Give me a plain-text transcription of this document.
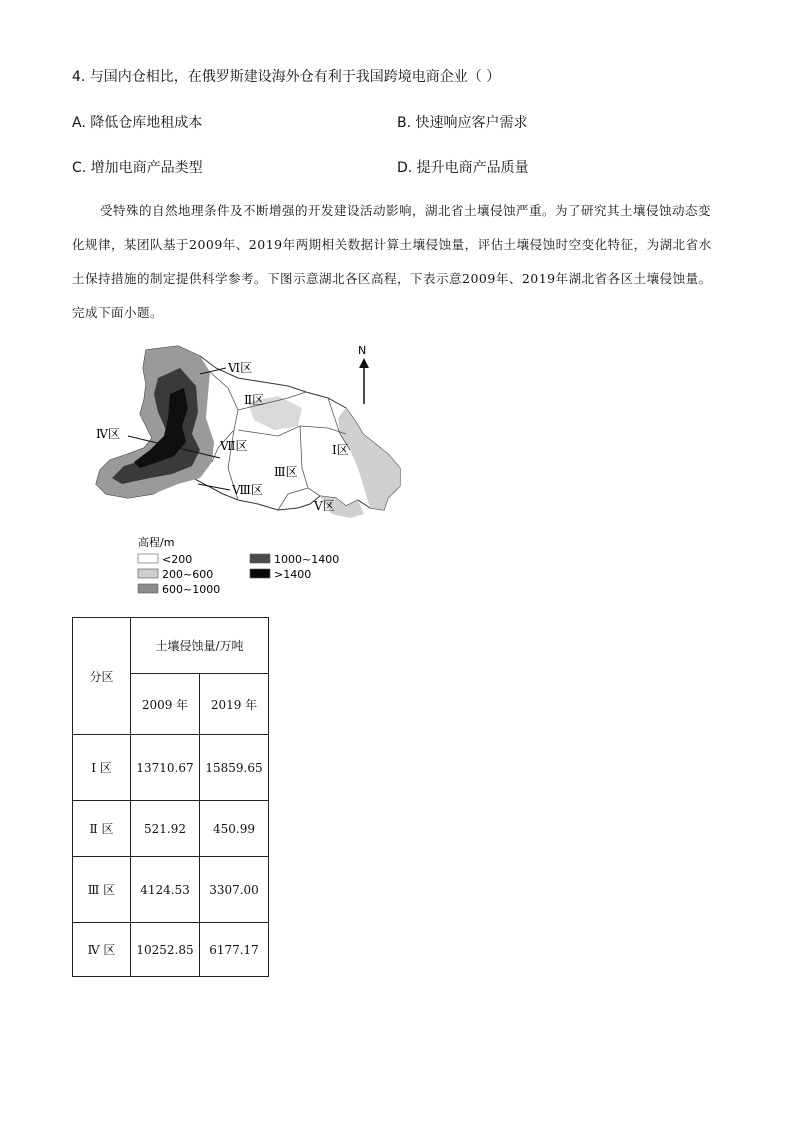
4. 与国内仓相比，在俄罗斯建设海外仓有利于我国跨境电商企业（ ）
A. 降低仓库地租成本	B. 快速响应客户需求
C. 增加电商产品类型	D. 提升电商产品质量
受特殊的自然地理条件及不断增强的开发建设活动影响，湖北省土壤侵蚀严重。为了研究其土壤侵蚀动态变化规律，某团队基于2009年、2019年两期相关数据计算土壤侵蚀量，评估土壤侵蚀时空变化特征，为湖北省水土保持措施的制定提供科学参考。下图示意湖北各区高程，下表示意2009年、2019年湖北省各区土壤侵蚀量。完成下面小题。
Ⅵ区
Ⅱ区
Ⅳ区
Ⅶ区	Ⅰ区
Ⅲ区
Ⅷ区
Ⅴ区
N
高程/m
<200
200~600
600~1000
1000~1400
>1400
分区	土壤侵蚀量/万吨	
	2009 年	2019 年
Ⅰ 区	13710.67	15859.65
Ⅱ 区	521.92	450.99
Ⅲ 区	4124.53	3307.00
Ⅳ 区	10252.85	6177.17
